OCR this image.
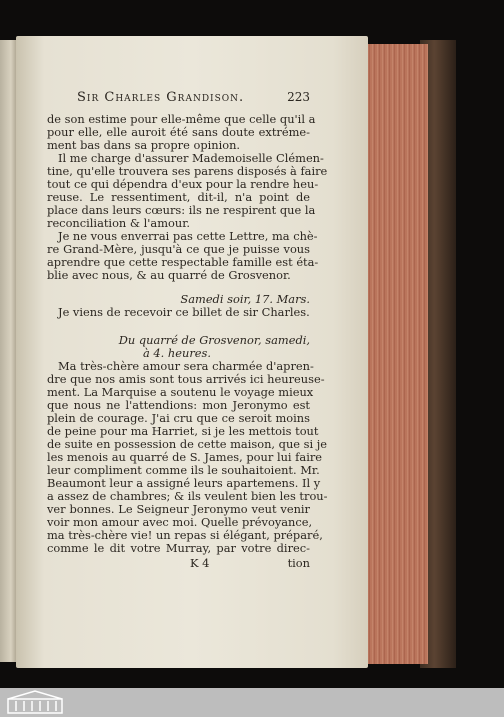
Sir Charles Grandison.	223
de son estime pour elle-même que celle qu'il a
pour elle, elle auroit été sans doute extréme-
ment bas dans sa propre opinion.
Il me charge d'assurer Mademoiselle Clémen-
tine, qu'elle trouvera ses parens disposés à faire
tout ce qui dépendra d'eux pour la rendre heu-
reuse. Le ressentiment, dit-il, n'a point de
place dans leurs cœurs: ils ne respirent que la
reconciliation & l'amour.
Je ne vous enverrai pas cette Lettre, ma chè-
re Grand-Mère, jusqu'à ce que je puisse vous
aprendre que cette respectable famille est éta-
blie avec nous, & au quarré de Grosvenor.
Samedi soir, 17. Mars.
Je viens de recevoir ce billet de sir Charles.
Du quarré de Grosvenor, samedi,
à 4. heures.
Ma très-chère amour sera charmée d'apren-
dre que nos amis sont tous arrivés ici heureuse-
ment. La Marquise a soutenu le voyage mieux
que nous ne l'attendions: mon Jeronymo est
plein de courage. J'ai cru que ce seroit moins
de peine pour ma Harriet, si je les mettois tout
de suite en possession de cette maison, que si je
les menois au quarré de S. James, pour lui faire
leur compliment comme ils le souhaitoient. Mr.
Beaumont leur a assigné leurs apartemens. Il y
a assez de chambres; & ils veulent bien les trou-
ver bonnes. Le Seigneur Jeronymo veut venir
voir mon amour avec moi. Quelle prévoyance,
ma très-chère vie! un repas si élégant, préparé,
comme le dit votre Murray, par votre direc-
K 4	tion
